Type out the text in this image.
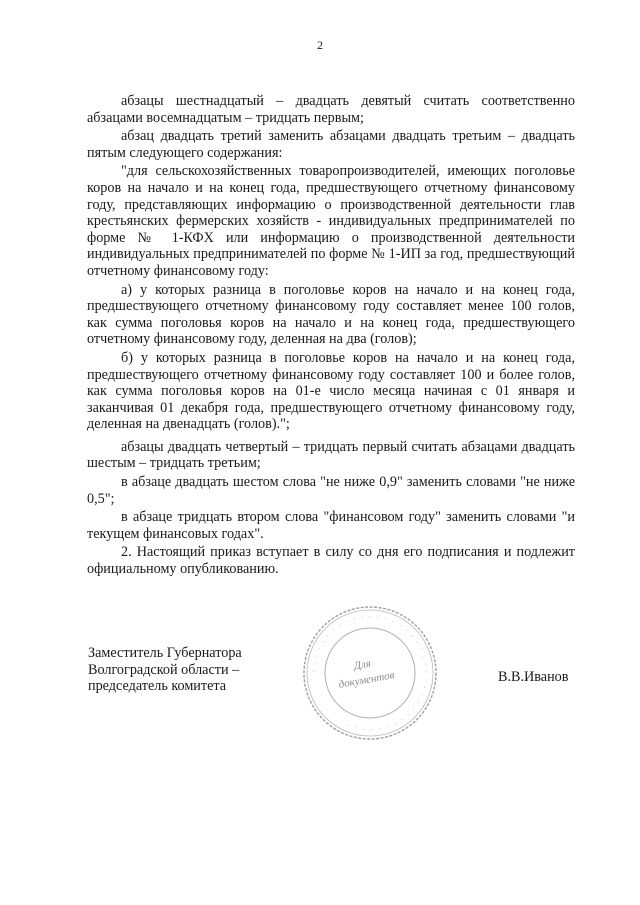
2

абзацы шестнадцатый – двадцать девятый считать соответственно абзацами восемнадцатым – тридцать первым;

абзац двадцать третий заменить абзацами двадцать третьим – двадцать пятым следующего содержания:

"для сельскохозяйственных товаропроизводителей, имеющих поголовье коров на начало и на конец года, предшествующего отчетному финансовому году, представляющих информацию о производственной деятельности глав крестьянских фермерских хозяйств - индивидуальных предпринимателей по форме № 1-КФХ или информацию о производственной деятельности индивидуальных предпринимателей по форме № 1-ИП за год, предшествующий отчетному финансовому году:

а) у которых разница в поголовье коров на начало и на конец года, предшествующего отчетному финансовому году составляет менее 100 голов, как сумма поголовья коров на начало и на конец года, предшествующего отчетному финансовому году, деленная на два (голов);

б) у которых разница в поголовье коров на начало и на конец года, предшествующего отчетному финансовому году составляет 100 и более голов, как сумма поголовья коров на 01-е число месяца начиная с 01 января и заканчивая 01 декабря года, предшествующего отчетному финансовому году, деленная на двенадцать (голов).";

абзацы двадцать четвертый – тридцать первый считать абзацами двадцать шестым – тридцать третьим;

в абзаце двадцать шестом слова "не ниже 0,9" заменить словами "не ниже 0,5";

в абзаце тридцать втором слова "финансовом году" заменить словами "и текущем финансовых годах".

2. Настоящий приказ вступает в силу со дня его подписания и подлежит официальному опубликованию.

Заместитель Губернатора
Волгоградской области –
председатель комитета
В.В.Иванов
· · · · · · · · · · · · · · · · · · · · · · · · · · · · · · · · · · · · ·
Для
документов
